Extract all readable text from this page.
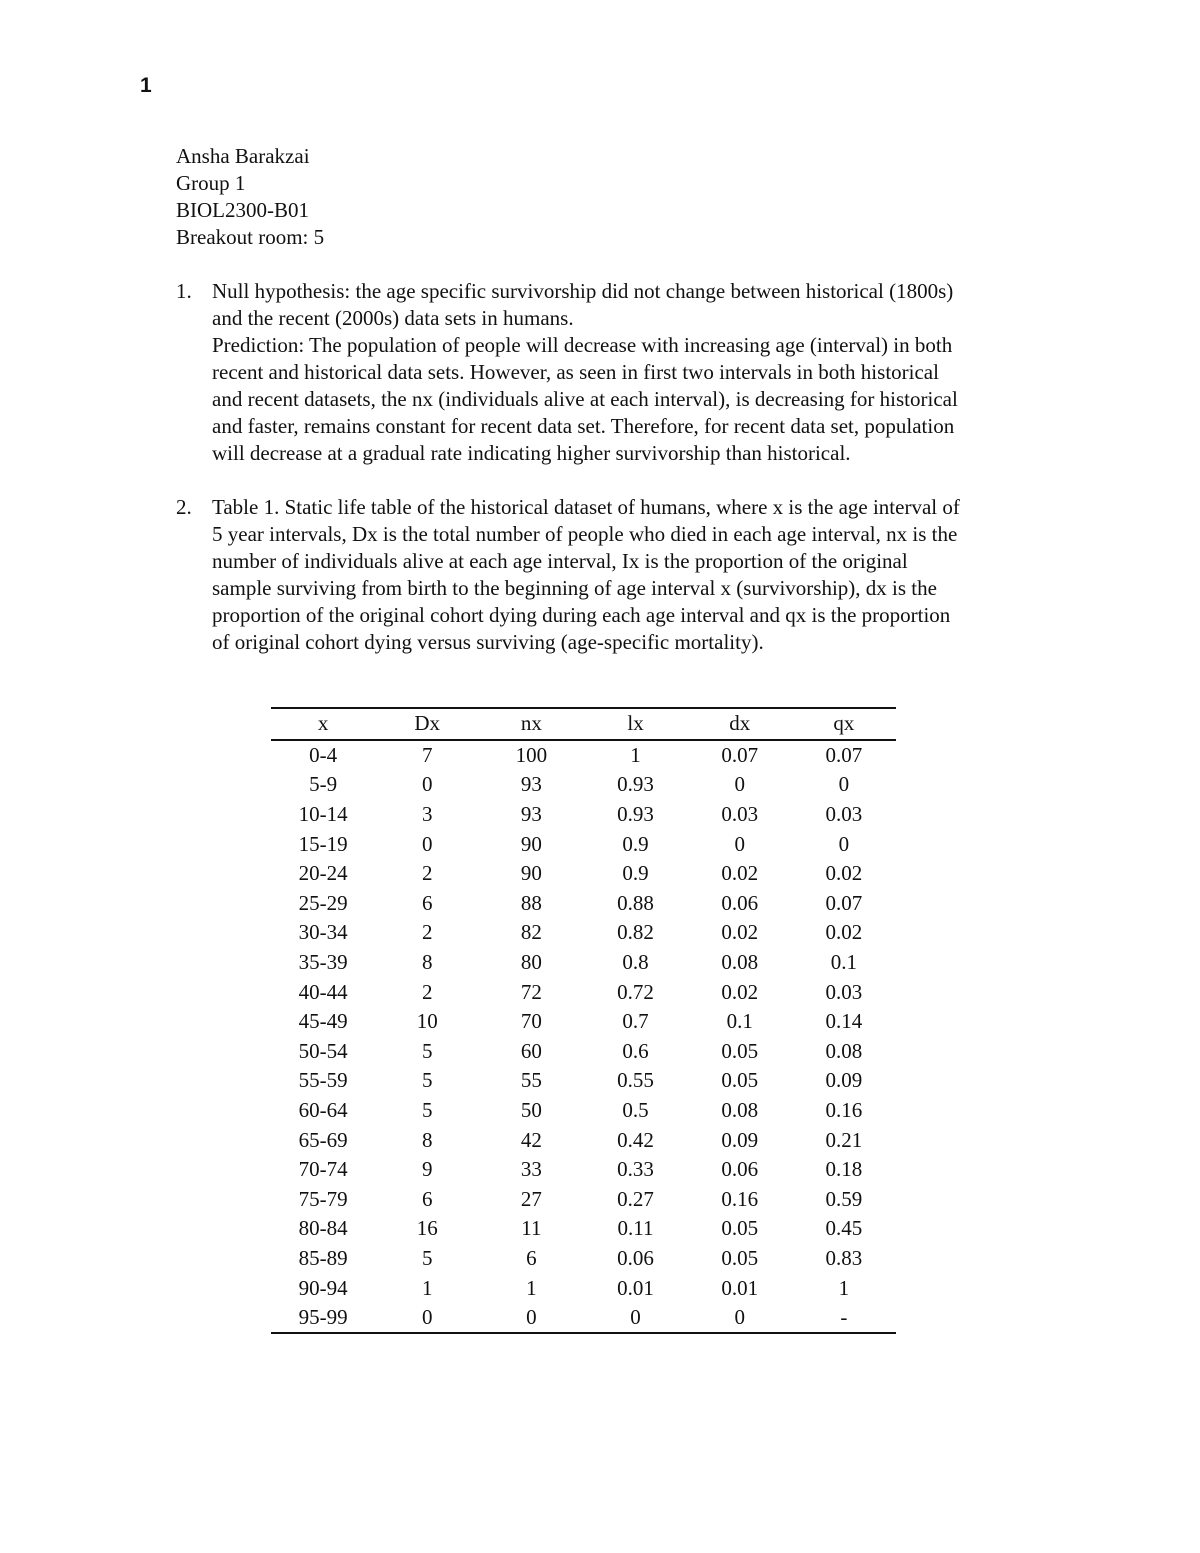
1
Ansha Barakzai
Group 1
BIOL2300-B01
Breakout room: 5
1. Null hypothesis: the age specific survivorship did not change between historical (1800s)
and the recent (2000s) data sets in humans.
Prediction: The population of people will decrease with increasing age (interval) in both
recent and historical data sets. However, as seen in first two intervals in both historical
and recent datasets, the nx (individuals alive at each interval), is decreasing for historical
and faster, remains constant for recent data set. Therefore, for recent data set, population
will decrease at a gradual rate indicating higher survivorship than historical.
2. Table 1. Static life table of the historical dataset of humans, where x is the age interval of
5 year intervals, Dx is the total number of people who died in each age interval, nx is the
number of individuals alive at each age interval, Ix is the proportion of the original
sample surviving from birth to the beginning of age interval x (survivorship), dx is the
proportion of the original cohort dying during each age interval and qx is the proportion
of original cohort dying versus surviving (age-specific mortality).
x	Dx	nx	lx	dx	qx
0-4	7	100	1	0.07	0.07
5-9	0	93	0.93	0	0
10-14	3	93	0.93	0.03	0.03
15-19	0	90	0.9	0	0
20-24	2	90	0.9	0.02	0.02
25-29	6	88	0.88	0.06	0.07
30-34	2	82	0.82	0.02	0.02
35-39	8	80	0.8	0.08	0.1
40-44	2	72	0.72	0.02	0.03
45-49	10	70	0.7	0.1	0.14
50-54	5	60	0.6	0.05	0.08
55-59	5	55	0.55	0.05	0.09
60-64	5	50	0.5	0.08	0.16
65-69	8	42	0.42	0.09	0.21
70-74	9	33	0.33	0.06	0.18
75-79	6	27	0.27	0.16	0.59
80-84	16	11	0.11	0.05	0.45
85-89	5	6	0.06	0.05	0.83
90-94	1	1	0.01	0.01	1
95-99	0	0	0	0	-
